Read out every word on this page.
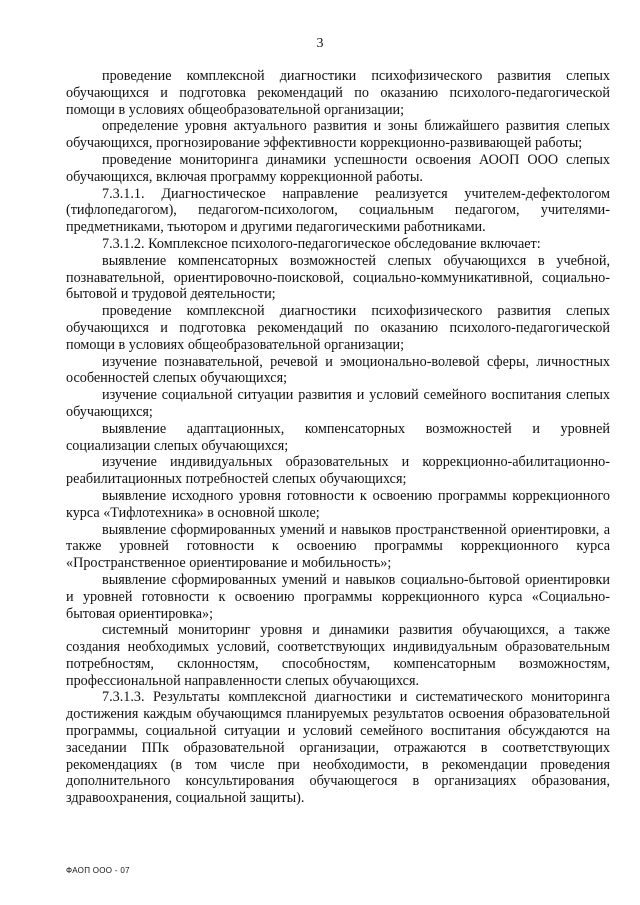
3

проведение комплексной диагностики психофизического развития слепых обучающихся и подготовка рекомендаций по оказанию психолого-педагогической помощи в условиях общеобразовательной организации;

определение уровня актуального развития и зоны ближайшего развития слепых обучающихся, прогнозирование эффективности коррекционно-развивающей работы;

проведение мониторинга динамики успешности освоения АООП ООО слепых обучающихся, включая программу коррекционной работы.

7.3.1.1. Диагностическое направление реализуется учителем-дефектологом (тифлопедагогом), педагогом-психологом, социальным педагогом, учителями-предметниками, тьютором и другими педагогическими работниками.

7.3.1.2. Комплексное психолого-педагогическое обследование включает:

выявление компенсаторных возможностей слепых обучающихся в учебной, познавательной, ориентировочно-поисковой, социально-коммуникативной, социально-бытовой и трудовой деятельности;

проведение комплексной диагностики психофизического развития слепых обучающихся и подготовка рекомендаций по оказанию психолого-педагогической помощи в условиях общеобразовательной организации;

изучение познавательной, речевой и эмоционально-волевой сферы, личностных особенностей слепых обучающихся;

изучение социальной ситуации развития и условий семейного воспитания слепых обучающихся;

выявление адаптационных, компенсаторных возможностей и уровней социализации слепых обучающихся;

изучение индивидуальных образовательных и коррекционно-абилитационно-реабилитационных потребностей слепых обучающихся;

выявление исходного уровня готовности к освоению программы коррекционного курса «Тифлотехника» в основной школе;

выявление сформированных умений и навыков пространственной ориентировки, а также уровней готовности к освоению программы коррекционного курса «Пространственное ориентирование и мобильность»;

выявление сформированных умений и навыков социально-бытовой ориентировки и уровней готовности к освоению программы коррекционного курса «Социально-бытовая ориентировка»;

системный мониторинг уровня и динамики развития обучающихся, а также создания необходимых условий, соответствующих индивидуальным образовательным потребностям, склонностям, способностям, компенсаторным возможностям, профессиональной направленности слепых обучающихся.

7.3.1.3. Результаты комплексной диагностики и систематического мониторинга достижения каждым обучающимся планируемых результатов освоения образовательной программы, социальной ситуации и условий семейного воспитания обсуждаются на заседании ППк образовательной организации, отражаются в соответствующих рекомендациях (в том числе при необходимости, в рекомендации проведения дополнительного консультирования обучающегося в организациях образования, здравоохранения, социальной защиты).

ФАОП ООО - 07
